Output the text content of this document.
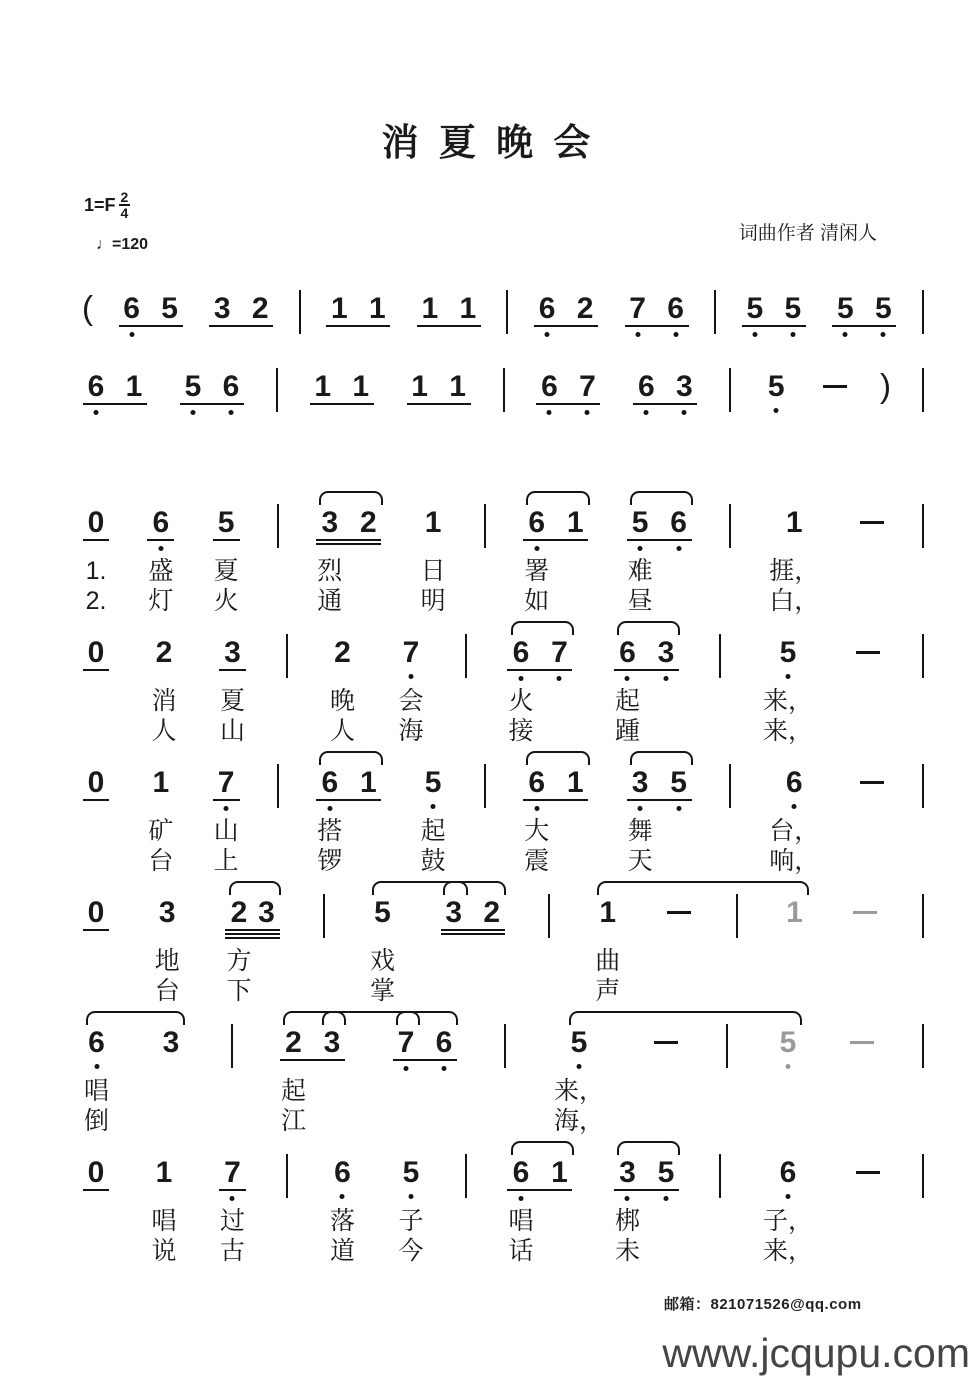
消 夏 晚 会
$1=F \frac{2}{4}$
♩=120
词曲作者 清闲人
( 6 5 3 2 1 1 1 1 6 2 7 6 5 5 5 5
6 1 5 6	1 1 1 1	6 7 6 3	5	)
0
1.
2.
6
盛
灯
5
夏
火
3
烈
通
2 1
日
明
6
署
如
1 5
难
昼
6	1
捱，
白，
0 2
消
人
3
夏
山
2
晚
人
7
会
海
6
火
接
7 6
起
踵
3	5
来，
来，
0 1
矿
台
7
山
上
6
搭
锣
1 5
起
鼓
6
大
震
1 3
舞
天
5	6
台，
响，
0 3
地
台
2
方
下
3	5
戏
掌
3 2	1
曲
声
1
6
唱
倒
3	2
起
江
3 7 6	5
来，
海，
5
0 1
唱
说
7
过
古
6
落
道
5
子
今
6
唱
话
1 3
梆
未
5	6
子，
来，
邮箱：821071526@qq.com
www.jcqupu.com
